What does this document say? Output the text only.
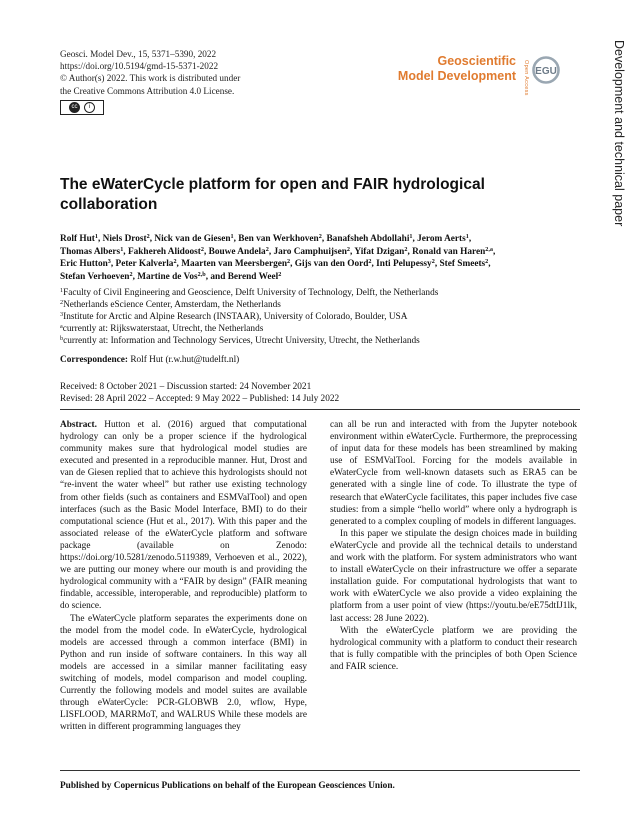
Geosci. Model Dev., 15, 5371–5390, 2022
https://doi.org/10.5194/gmd-15-5371-2022
© Author(s) 2022. This work is distributed under
the Creative Commons Attribution 4.0 License.
cc	i
Geoscientific
Model Development Open Access EGU	Development and technical paper
The eWaterCycle platform for open and FAIR hydrological collaboration
Rolf Hut$^1$, Niels Drost$^2$, Nick van de Giesen$^1$, Ben van Werkhoven$^2$, Banafsheh Abdollahi$^1$, Jerom Aerts$^1$,
Thomas Albers$^1$, Fakhereh Alidoost$^2$, Bouwe Andela$^2$, Jaro Camphuijsen$^2$, Yifat Dzigan$^2$, Ronald van Haren$^{2,a}$,
Eric Hutton$^3$, Peter Kalverla$^2$, Maarten van Meersbergen$^2$, Gijs van den Oord$^2$, Inti Pelupessy$^2$, Stef Smeets$^2$,
Stefan Verhoeven$^2$, Martine de Vos$^{2,b}$, and Berend Weel$^2$
$^1$Faculty of Civil Engineering and Geoscience, Delft University of Technology, Delft, the Netherlands
$^2$Netherlands eScience Center, Amsterdam, the Netherlands
$^3$Institute for Arctic and Alpine Research (INSTAAR), University of Colorado, Boulder, USA
$^a$currently at: Rijkswaterstaat, Utrecht, the Netherlands
$^b$currently at: Information and Technology Services, Utrecht University, Utrecht, the Netherlands
Correspondence: Rolf Hut (r.w.hut@tudelft.nl)
Received: 8 October 2021 – Discussion started: 24 November 2021
Revised: 28 April 2022 – Accepted: 9 May 2022 – Published: 14 July 2022

Abstract. Hutton et al. (2016) argued that computational hydrology can only be a proper science if the hydrological community makes sure that hydrological model studies are executed and presented in a reproducible manner. Hut, Drost and van de Giesen replied that to achieve this hydrologists should not “re-invent the water wheel” but rather use existing technology from other fields (such as containers and ESMValTool) and open interfaces (such as the Basic Model Interface, BMI) to do their computational science (Hut et al., 2017). With this paper and the associated release of the eWaterCycle platform and software package (available on Zenodo: https://doi.org/10.5281/zenodo.5119389, Verhoeven et al., 2022), we are putting our money where our mouth is and providing the hydrological community with a “FAIR by design” (FAIR meaning findable, accessible, interoperable, and reproducible) platform to do science.

The eWaterCycle platform separates the experiments done on the model from the model code. In eWaterCycle, hydrological models are accessed through a common interface (BMI) in Python and run inside of software containers. In this way all models are accessed in a similar manner facilitating easy switching of models, model comparison and model coupling. Currently the following models and model suites are available through eWaterCycle: PCR-GLOBWB 2.0, wflow, Hype, LISFLOOD, MARRMoT, and WALRUS While these models are written in different programming languages they

can all be run and interacted with from the Jupyter notebook environment within eWaterCycle. Furthermore, the preprocessing of input data for these models has been streamlined by making use of ESMValTool. Forcing for the models available in eWaterCycle from well-known datasets such as ERA5 can be generated with a single line of code. To illustrate the type of research that eWaterCycle facilitates, this paper includes five case studies: from a simple “hello world” where only a hydrograph is generated to a complex coupling of models in different languages.

In this paper we stipulate the design choices made in building eWaterCycle and provide all the technical details to understand and work with the platform. For system administrators who want to install eWaterCycle on their infrastructure we offer a separate installation guide. For computational hydrologists that want to work with eWaterCycle we also provide a video explaining the platform from a user point of view (https://youtu.be/eE75dtIJ1lk, last access: 28 June 2022).

With the eWaterCycle platform we are providing the hydrological community with a platform to conduct their research that is fully compatible with the principles of both Open Science and FAIR science.

Published by Copernicus Publications on behalf of the European Geosciences Union.
